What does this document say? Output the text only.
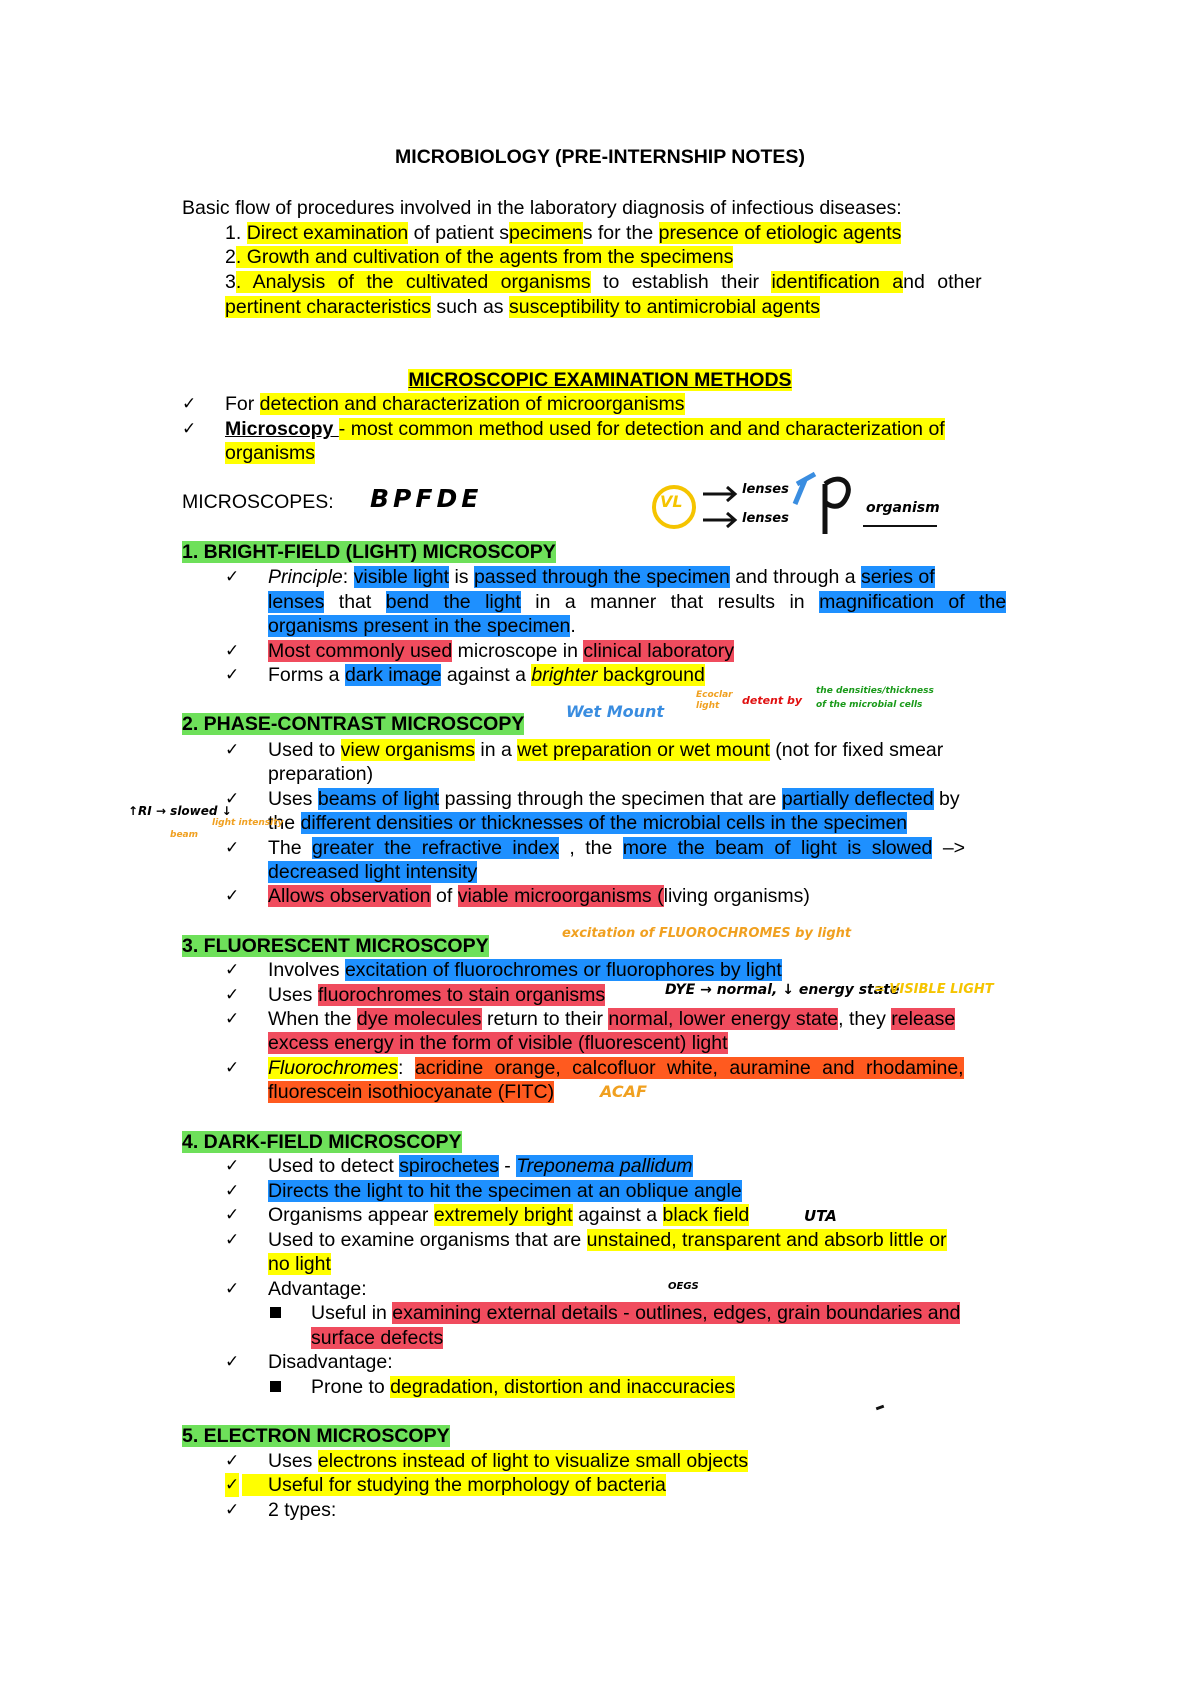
MICROBIOLOGY (PRE-INTERNSHIP NOTES)
Basic flow of procedures involved in the laboratory diagnosis of infectious diseases:
1. Direct examination of patient specimens for the presence of etiologic agents
2. Growth and cultivation of the agents from the specimens
3. Analysis of the cultivated organisms to establish their identification and other
pertinent characteristics such as susceptibility to antimicrobial agents
MICROSCOPIC EXAMINATION METHODS
✓ For detection and characterization of microorganisms
✓ Microscopy - most common method used for detection and and characterization of
organisms
MICROSCOPES:
1. BRIGHT-FIELD (LIGHT) MICROSCOPY
✓ Principle: visible light is passed through the specimen and through a series of
lenses that bend the light in a manner that results in magnification of the
organisms present in the specimen.
✓ Most commonly used microscope in clinical laboratory
✓ Forms a dark image against a brighter background
2. PHASE-CONTRAST MICROSCOPY
✓ Used to view organisms in a wet preparation or wet mount (not for fixed smear
preparation)
✓ Uses beams of light passing through the specimen that are partially deflected by
the different densities or thicknesses of the microbial cells in the specimen
✓ The greater the refractive index , the more the beam of light is slowed –>
decreased light intensity
✓ Allows observation of viable microorganisms (living organisms)
3. FLUORESCENT MICROSCOPY
✓ Involves excitation of fluorochromes or fluorophores by light
✓ Uses fluorochromes to stain organisms
✓ When the dye molecules return to their normal, lower energy state, they release
excess energy in the form of visible (fluorescent) light
✓ Fluorochromes: acridine orange, calcofluor white, auramine and rhodamine,
fluorescein isothiocyanate (FITC)
4. DARK-FIELD MICROSCOPY
✓ Used to detect spirochetes - Treponema pallidum
✓ Directs the light to hit the specimen at an oblique angle
✓ Organisms appear extremely bright against a black field
✓ Used to examine organisms that are unstained, transparent and absorb little or
no light
✓ Advantage:
Useful in examining external details - outlines, edges, grain boundaries and
surface defects
✓ Disadvantage:
Prone to degradation, distortion and inaccuracies
5. ELECTRON MICROSCOPY
✓ Uses electrons instead of light to visualize small objects
✓	Useful for studying the morphology of bacteria
✓ 2 types:
BPFDE	VL
lenses
lenses
organism
Wet Mount
Ecoclar light	detent by
the densities/thickness
of the microbial cells
↑RI → slowed ↓
light intensity
beam
excitation of FLUOROCHROMES by light
DYE → normal, ↓ energy state
= VISIBLE LIGHT
ACAF
UTA
OEGS
